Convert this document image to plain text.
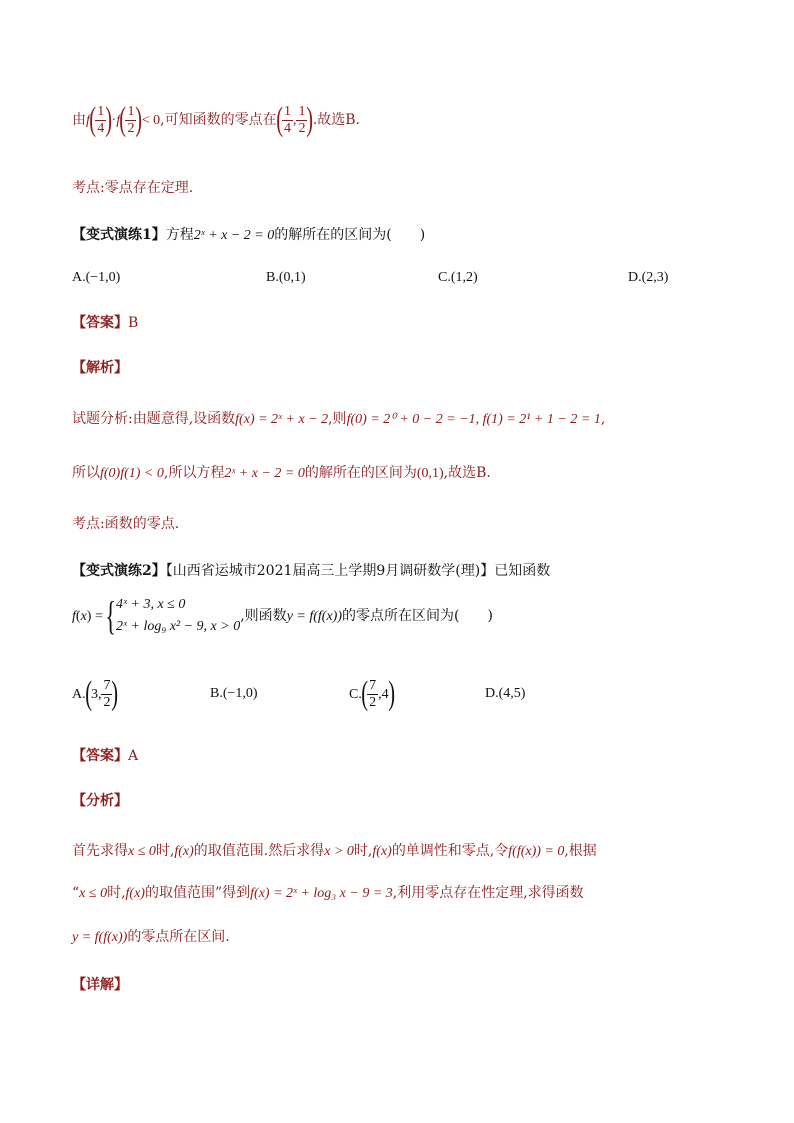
由$f( \frac{1}{4} )\cdot f( \frac{1}{2}$ )< 0,可知函数的零点在( $\frac{1}{4}$ , $\frac{1}{2}$ ).故选B.
考点:零点存在定理.
【变式演练1】方程2ˣ + x − 2 = 0的解所在的区间为(　　)
A.(−1,0)	B.(0,1)	C.(1,2)	D.(2,3)
【答案】B
【解析】
试题分析:由题意得,设函数f(x) = 2ˣ + x − 2,则f(0) = 2⁰ + 0 − 2 = −1, f(1) = 2¹ + 1 − 2 = 1,
所以f(0)f(1) < 0,所以方程2ˣ + x − 2 = 0的解所在的区间为(0,1),故选B.
考点:函数的零点.
【变式演练2】【山西省运城市2021届高三上学期9月调研数学(理)】已知函数
f(x) ={ 4ˣ + 3, x ≤ 0
2ˣ + log₉ x² − 9, x > 0
,则函数y = f(f(x))的零点所在区间为(　　)
A.(3, $\frac{7}{2}$ )	B.(−1,0)	$C.( \frac{7}{2} ,4)$	D.(4,5)
【答案】A
【分析】
首先求得x ≤ 0时,f(x)的取值范围.然后求得x > 0时,f(x)的单调性和零点,令f(f(x)) = 0,根据
“x ≤ 0时,f(x)的取值范围”得到f(x) = 2ˣ + log₃ x − 9 = 3,利用零点存在性定理,求得函数
y = f(f(x))的零点所在区间.
【详解】
